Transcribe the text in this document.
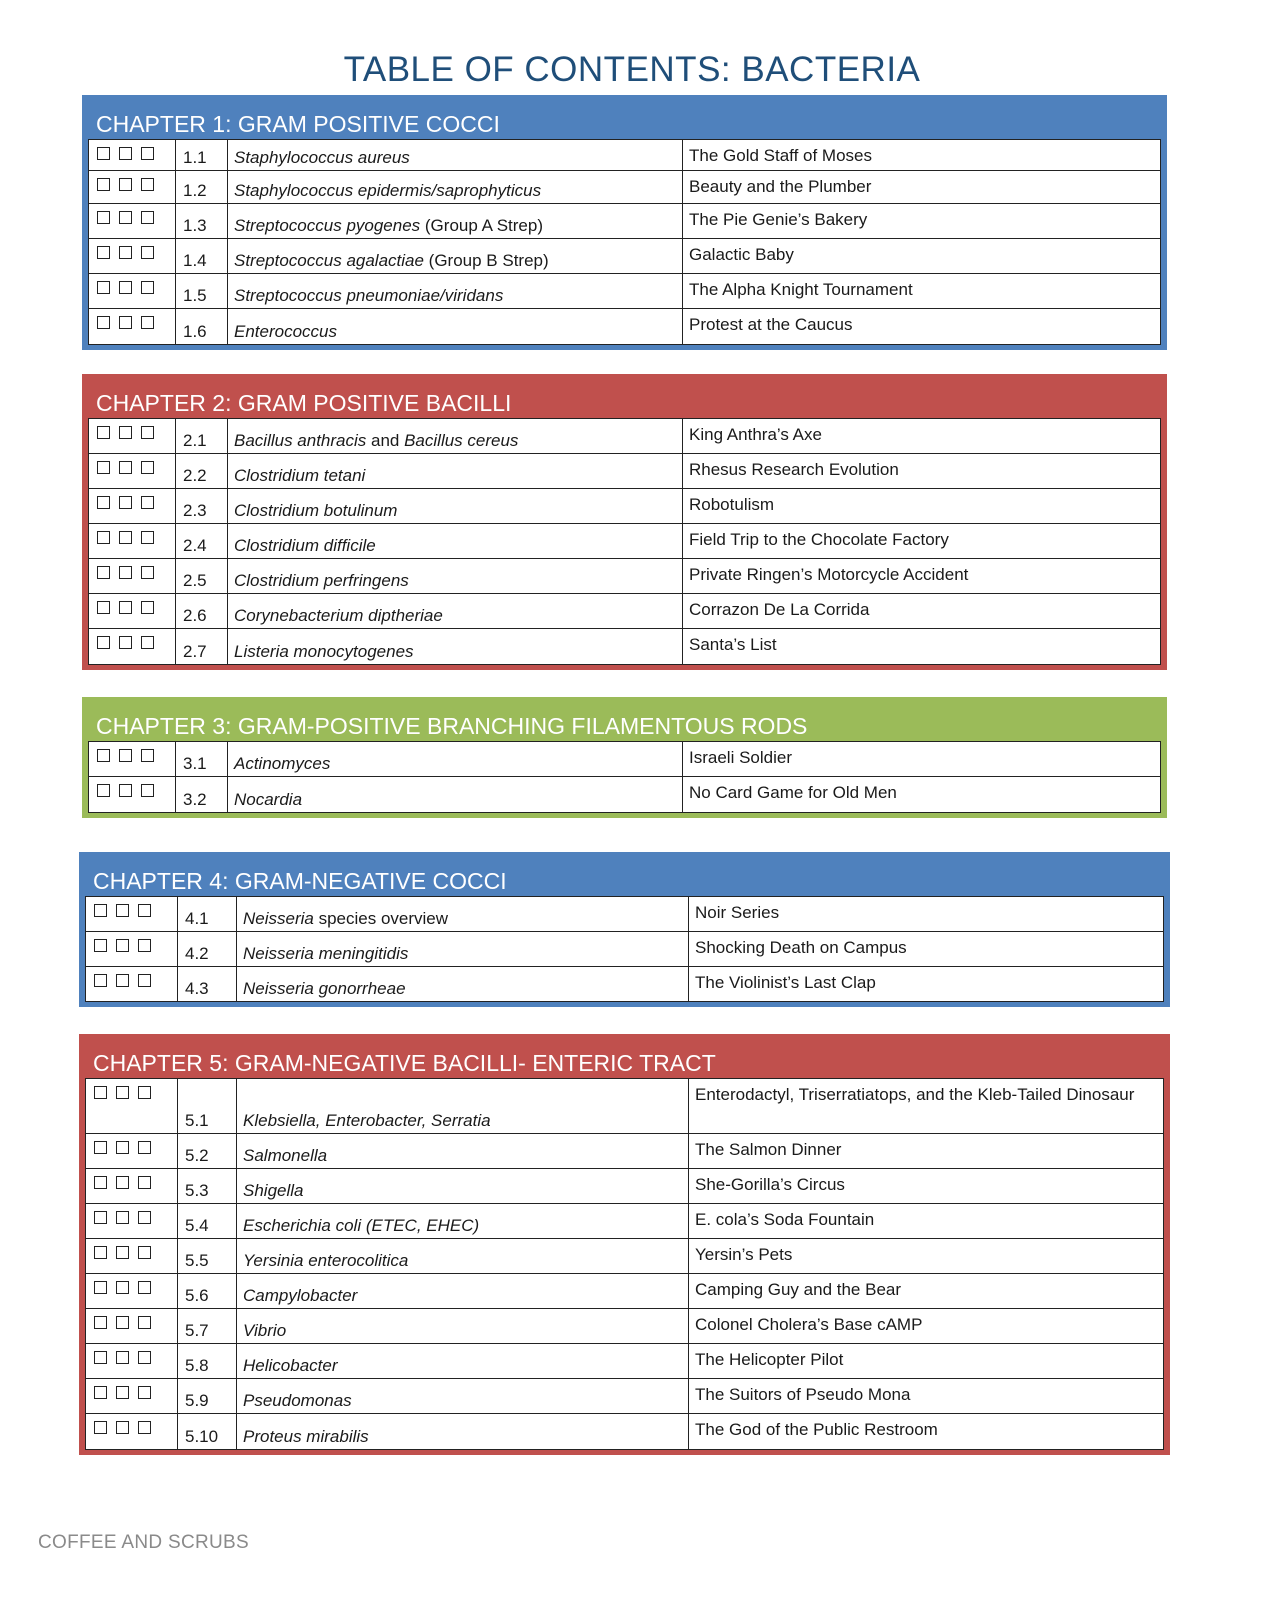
TABLE OF CONTENTS: BACTERIA
CHAPTER 1: GRAM POSITIVE COCCI
	1.1	Staphylococcus aureus	The Gold Staff of Moses
	1.2	Staphylococcus epidermis/saprophyticus	Beauty and the Plumber
	1.3	Streptococcus pyogenes (Group A Strep)	The Pie Genie’s Bakery
	1.4	Streptococcus agalactiae (Group B Strep)	Galactic Baby
	1.5	Streptococcus pneumoniae/viridans	The Alpha Knight Tournament
	1.6	Enterococcus	Protest at the Caucus
CHAPTER 2: GRAM POSITIVE BACILLI
	2.1	Bacillus anthracis and Bacillus cereus	King Anthra’s Axe
	2.2	Clostridium tetani	Rhesus Research Evolution
	2.3	Clostridium botulinum	Robotulism
	2.4	Clostridium difficile	Field Trip to the Chocolate Factory
	2.5	Clostridium perfringens	Private Ringen’s Motorcycle Accident
	2.6	Corynebacterium diptheriae	Corrazon De La Corrida
	2.7	Listeria monocytogenes	Santa’s List
CHAPTER 3: GRAM-POSITIVE BRANCHING FILAMENTOUS RODS
	3.1	Actinomyces	Israeli Soldier
	3.2	Nocardia	No Card Game for Old Men
CHAPTER 4: GRAM-NEGATIVE COCCI
	4.1	Neisseria species overview	Noir Series
	4.2	Neisseria meningitidis	Shocking Death on Campus
	4.3	Neisseria gonorrheae	The Violinist’s Last Clap
CHAPTER 5: GRAM-NEGATIVE BACILLI- ENTERIC TRACT
	5.1	Klebsiella, Enterobacter, Serratia	Enterodactyl, Triserratiatops, and the Kleb-Tailed Dinosaur
	5.2	Salmonella	The Salmon Dinner
	5.3	Shigella	She-Gorilla’s Circus
	5.4	Escherichia coli (ETEC, EHEC)	E. cola’s Soda Fountain
	5.5	Yersinia enterocolitica	Yersin’s Pets
	5.6	Campylobacter	Camping Guy and the Bear
	5.7	Vibrio	Colonel Cholera’s Base cAMP
	5.8	Helicobacter	The Helicopter Pilot
	5.9	Pseudomonas	The Suitors of Pseudo Mona
	5.10	Proteus mirabilis	The God of the Public Restroom
COFFEE AND SCRUBS
